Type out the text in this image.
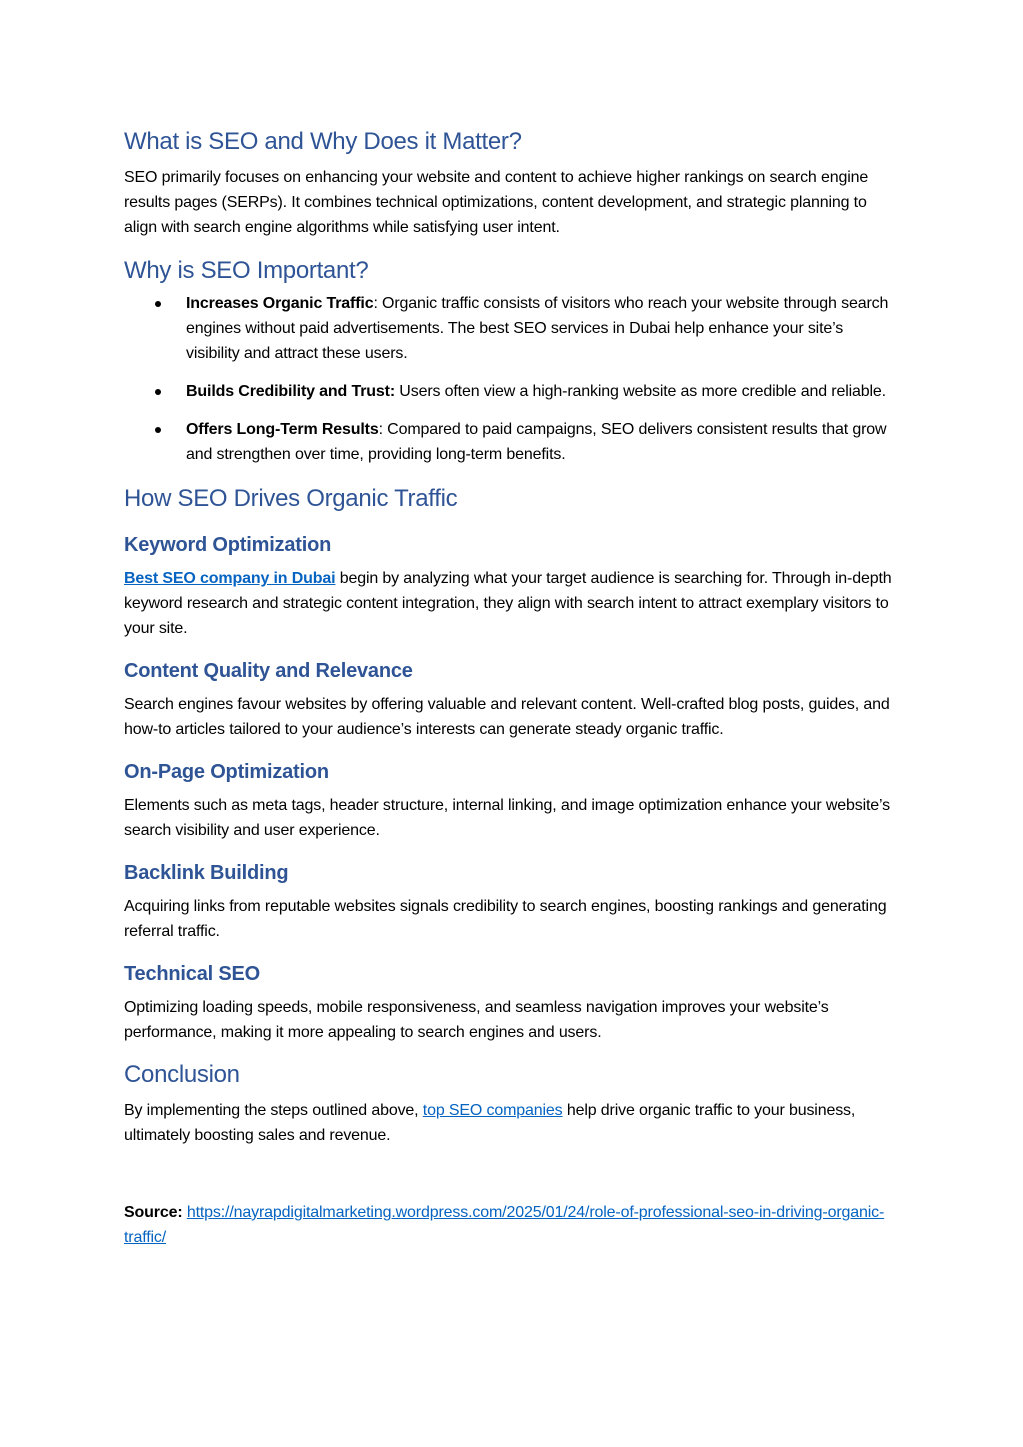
What is SEO and Why Does it Matter?

SEO primarily focuses on enhancing your website and content to achieve higher rankings on search engine results pages (SERPs). It combines technical optimizations, content development, and strategic planning to align with search engine algorithms while satisfying user intent.

Why is SEO Important?

Increases Organic Traffic: Organic traffic consists of visitors who reach your website through search engines without paid advertisements. The best SEO services in Dubai help enhance your site’s visibility and attract these users.

Builds Credibility and Trust: Users often view a high-ranking website as more credible and reliable.

Offers Long-Term Results: Compared to paid campaigns, SEO delivers consistent results that grow and strengthen over time, providing long-term benefits.

How SEO Drives Organic Traffic
Keyword Optimization

Best SEO company in Dubai begin by analyzing what your target audience is searching for. Through in-depth keyword research and strategic content integration, they align with search intent to attract exemplary visitors to your site.

Content Quality and Relevance

Search engines favour websites by offering valuable and relevant content. Well-crafted blog posts, guides, and how-to articles tailored to your audience’s interests can generate steady organic traffic.

On-Page Optimization

Elements such as meta tags, header structure, internal linking, and image optimization enhance your website’s search visibility and user experience.

Backlink Building

Acquiring links from reputable websites signals credibility to search engines, boosting rankings and generating referral traffic.

Technical SEO

Optimizing loading speeds, mobile responsiveness, and seamless navigation improves your website’s performance, making it more appealing to search engines and users.

Conclusion

By implementing the steps outlined above, top SEO companies help drive organic traffic to your business, ultimately boosting sales and revenue.

Source: https://nayrapdigitalmarketing.wordpress.com/2025/01/24/role-of-professional-seo-in-driving-organic-traffic/
